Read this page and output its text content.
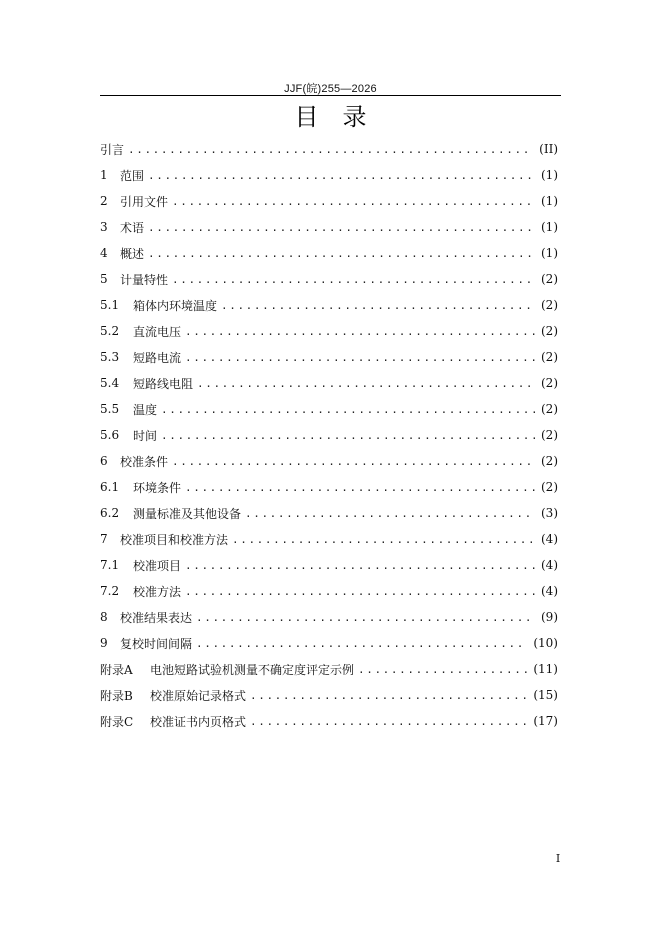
JJF(皖)255—2026
目录
引言 .....	(II)
1	范围 .....	(1)
2	引用文件 .....	(1)
3	术语 .....	(1)
4	概述 .....	(1)
5	计量特性 .....	(2)
5.1	箱体内环境温度 .....	(2)
5.2	直流电压 .....	(2)
5.3	短路电流 .....	(2)
5.4	短路线电阻 .....	(2)
5.5	温度 .....	(2)
5.6	时间 .....	(2)
6	校准条件 .....	(2)
6.1	环境条件 .....	(2)
6.2	测量标准及其他设备 .....	(3)
7	校准项目和校准方法 .....	(4)
7.1	校准项目 .....	(4)
7.2	校准方法 .....	(4)
8	校准结果表达 .....	(9)
9	复校时间间隔 .....	(10)
附录A	电池短路试验机测量不确定度评定示例 .....	(11)
附录B	校准原始记录格式 .....	(15)
附录C	校准证书内页格式 .....	(17)
I
